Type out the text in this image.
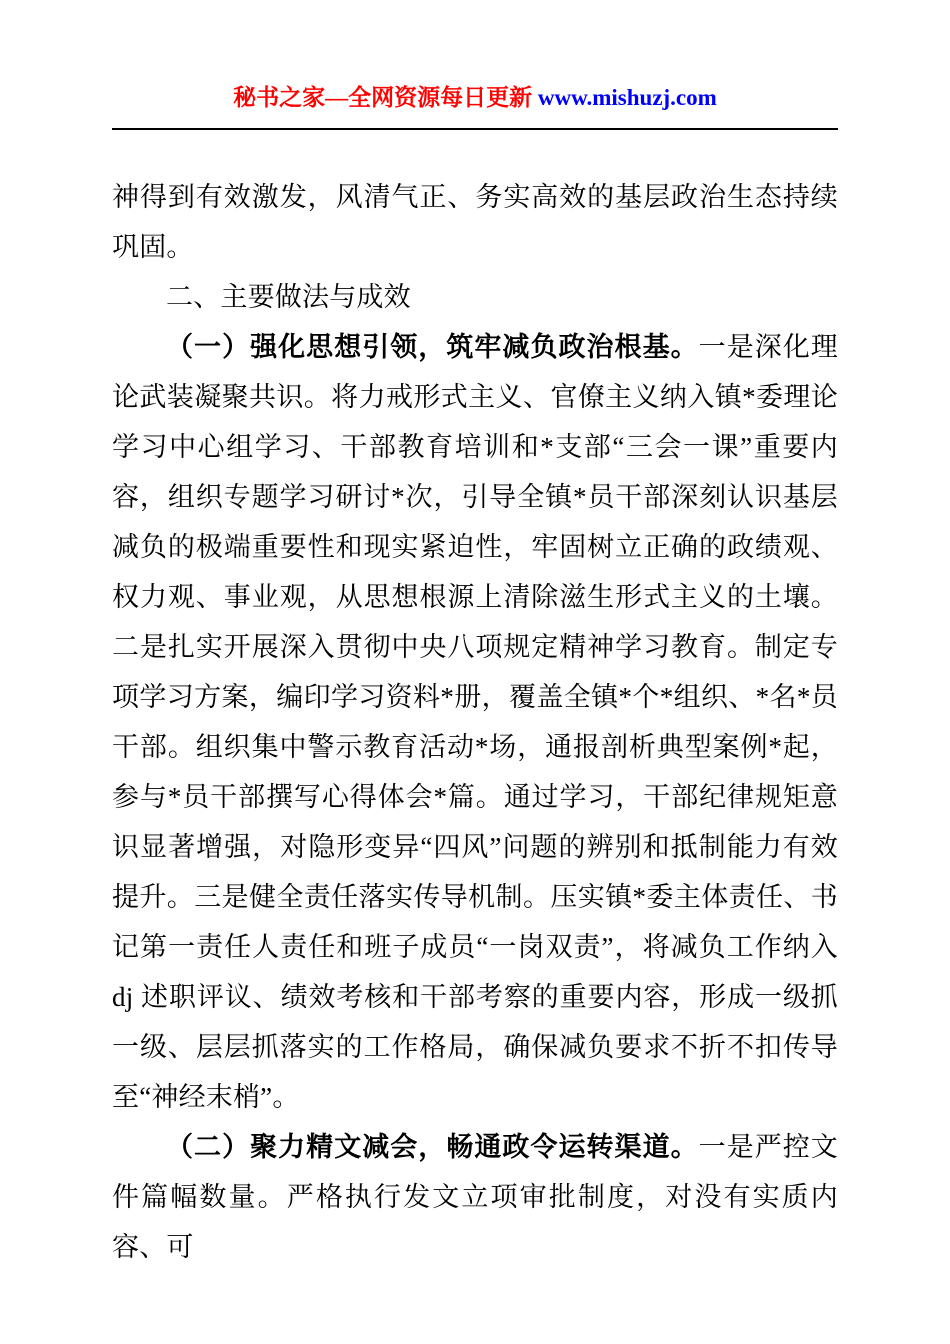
秘书之家—全网资源每日更新 www.mishuzj.com

神得到有效激发，风清气正、务实高效的基层政治生态持续巩固。

二、主要做法与成效

（一）强化思想引领，筑牢减负政治根基。一是深化理论武装凝聚共识。将力戒形式主义、官僚主义纳入镇*委理论学习中心组学习、干部教育培训和*支部“三会一课”重要内容，组织专题学习研讨*次，引导全镇*员干部深刻认识基层减负的极端重要性和现实紧迫性，牢固树立正确的政绩观、权力观、事业观，从思想根源上清除滋生形式主义的土壤。二是扎实开展深入贯彻中央八项规定精神学习教育。制定专项学习方案，编印学习资料*册，覆盖全镇*个*组织、*名*员干部。组织集中警示教育活动*场，通报剖析典型案例*起，参与*员干部撰写心得体会*篇。通过学习，干部纪律规矩意识显著增强，对隐形变异“四风”问题的辨别和抵制能力有效提升。三是健全责任落实传导机制。压实镇*委主体责任、书记第一责任人责任和班子成员“一岗双责”，将减负工作纳入 dj 述职评议、绩效考核和干部考察的重要内容，形成一级抓一级、层层抓落实的工作格局，确保减负要求不折不扣传导至“神经末梢”。

（二）聚力精文减会，畅通政令运转渠道。一是严控文件篇幅数量。严格执行发文立项审批制度，对没有实质内容、可
